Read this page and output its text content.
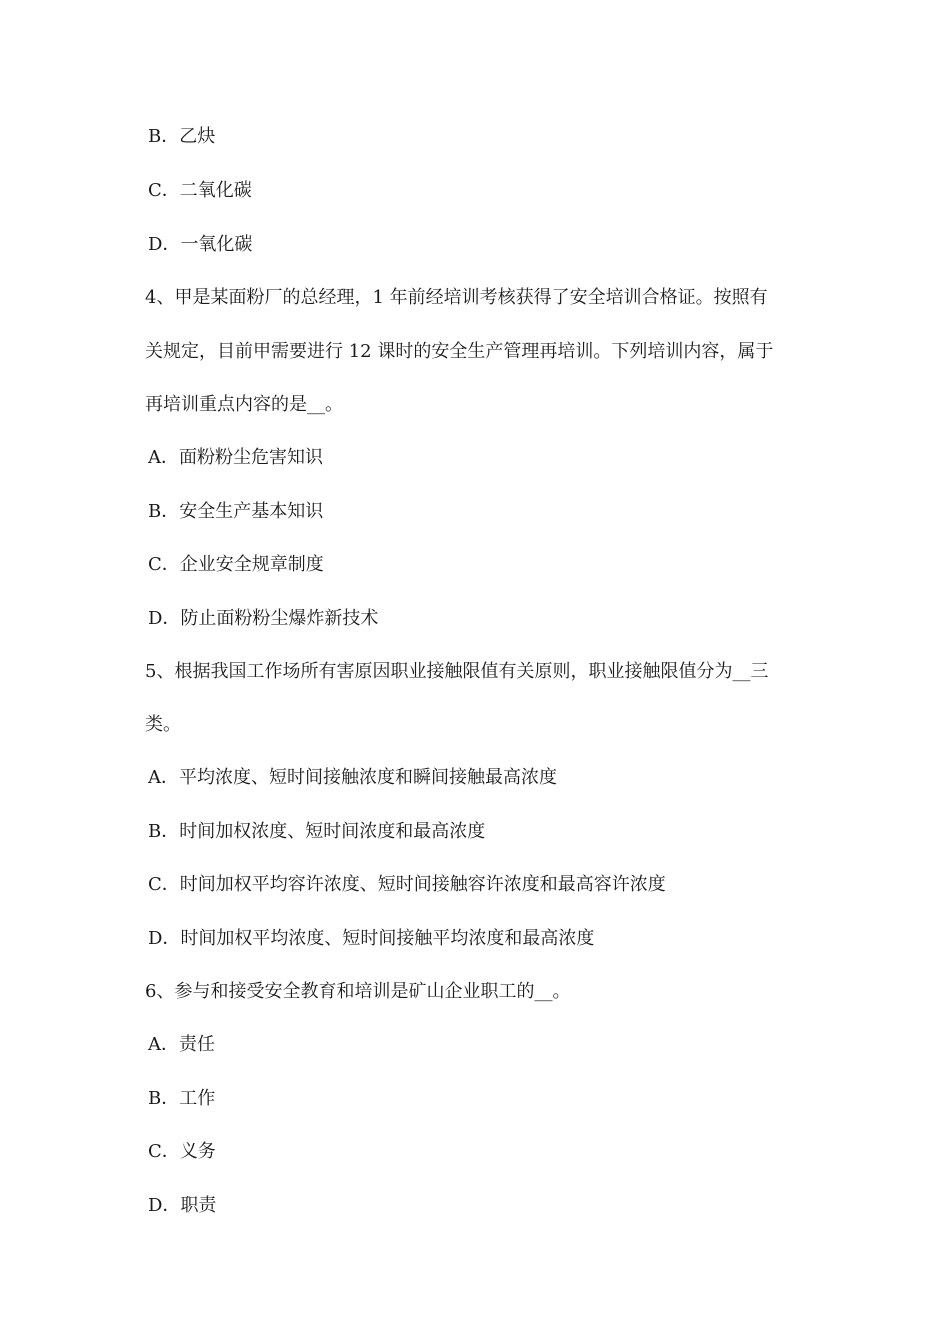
B．乙炔
C．二氧化碳
D．一氧化碳
4、甲是某面粉厂的总经理，1 年前经培训考核获得了安全培训合格证。按照有
关规定，目前甲需要进行 12 课时的安全生产管理再培训。下列培训内容，属于
再培训重点内容的是__。
A．面粉粉尘危害知识
B．安全生产基本知识
C．企业安全规章制度
D．防止面粉粉尘爆炸新技术
5、根据我国工作场所有害原因职业接触限值有关原则，职业接触限值分为__三
类。
A．平均浓度、短时间接触浓度和瞬间接触最高浓度
B．时间加权浓度、短时间浓度和最高浓度
C．时间加权平均容许浓度、短时间接触容许浓度和最高容许浓度
D．时间加权平均浓度、短时间接触平均浓度和最高浓度
6、参与和接受安全教育和培训是矿山企业职工的__。
A．责任
B．工作
C．义务
D．职责
